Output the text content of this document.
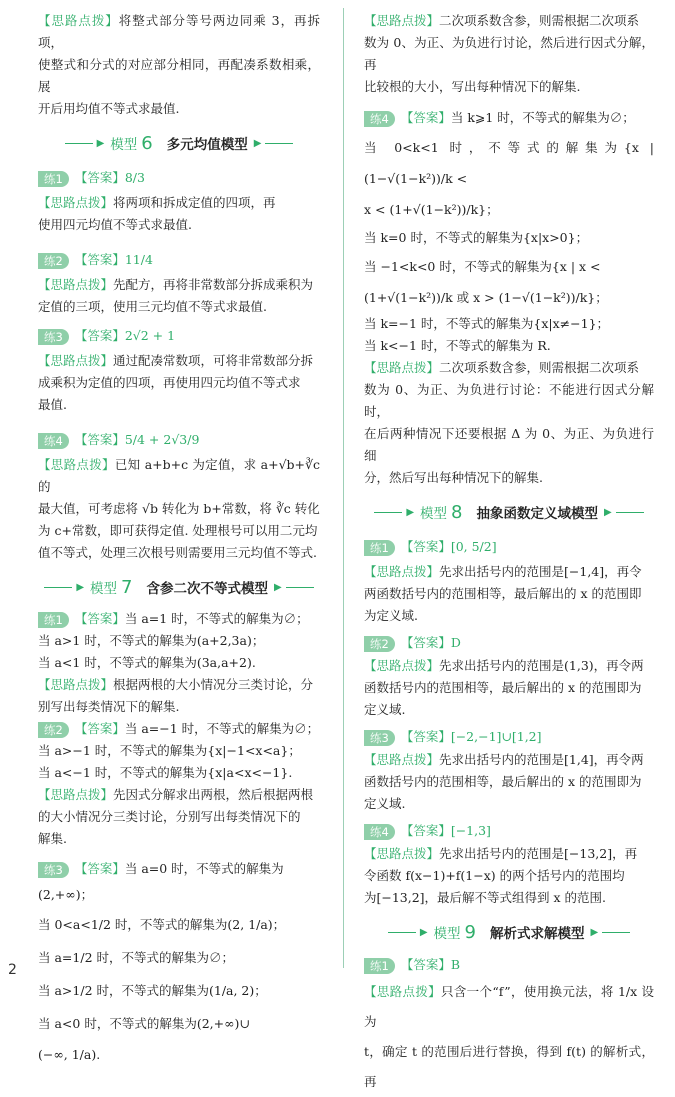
【思路点拨】将整式部分等号两边同乘 3，再拆项，

使整式和分式的对应部分相同，再配凑系数相乘，展

开后用均值不等式求最值.

▶ 模型 6 多元均值模型 ▶

练1 【答案】8/3

【思路点拨】将两项和拆成定值的四项，再

使用四元均值不等式求最值.

练2 【答案】11/4

【思路点拨】先配方，再将非常数部分拆成乘积为

定值的三项，使用三元均值不等式求最值.

练3 【答案】2√2 + 1

【思路点拨】通过配凑常数项，可将非常数部分拆

成乘积为定值的四项，再使用四元均值不等式求

最值.

练4 【答案】5/4 + 2√3/9

【思路点拨】已知 a+b+c 为定值，求 a+√b+∛c 的

最大值，可考虑将 √b 转化为 b+常数，将 ∛c 转化

为 c+常数，即可获得定值. 处理根号可以用二元均

值不等式，处理三次根号则需要用三元均值不等式.

▶ 模型 7 含参二次不等式模型 ▶

练1 【答案】当 a=1 时，不等式的解集为∅；

当 a>1 时，不等式的解集为(a+2,3a)；

当 a<1 时，不等式的解集为(3a,a+2).

【思路点拨】根据两根的大小情况分三类讨论，分

别写出每类情况下的解集.

练2 【答案】当 a=−1 时，不等式的解集为∅；

当 a>−1 时，不等式的解集为{x|−1<x<a}；

当 a<−1 时，不等式的解集为{x|a<x<−1}.

【思路点拨】先因式分解求出两根，然后根据两根

的大小情况分三类讨论，分别写出每类情况下的

解集.

练3 【答案】当 a=0 时，不等式的解集为(2,+∞)；

当 0<a<1/2 时，不等式的解集为(2, 1/a)；

当 a=1/2 时，不等式的解集为∅；

当 a>1/2 时，不等式的解集为(1/a, 2)；

当 a<0 时，不等式的解集为(2,+∞)∪

(−∞, 1/a).

【思路点拨】二次项系数含参，则需根据二次项系

数为 0、为正、为负进行讨论，然后进行因式分解，再

比较根的大小，写出每种情况下的解集.

练4 【答案】当 k⩾1 时，不等式的解集为∅；

当 0<k<1 时，不等式的解集为{x | (1−√(1−k²))/k <

x < (1+√(1−k²))/k}；

当 k=0 时，不等式的解集为{x|x>0}；

当 −1<k<0 时，不等式的解集为{x | x <

(1+√(1−k²))/k 或 x > (1−√(1−k²))/k}；

当 k=−1 时，不等式的解集为{x|x≠−1}；

当 k<−1 时，不等式的解集为 R.

【思路点拨】二次项系数含参，则需根据二次项系

数为 0、为正、为负进行讨论：不能进行因式分解时，

在后两种情况下还要根据 Δ 为 0、为正、为负进行细

分，然后写出每种情况下的解集.

▶ 模型 8 抽象函数定义域模型 ▶

练1 【答案】[0, 5/2]

【思路点拨】先求出括号内的范围是[−1,4]，再令

两函数括号内的范围相等，最后解出的 x 的范围即

为定义域.

练2 【答案】D

【思路点拨】先求出括号内的范围是(1,3)，再令两

函数括号内的范围相等，最后解出的 x 的范围即为

定义域.

练3 【答案】[−2,−1]∪[1,2]

【思路点拨】先求出括号内的范围是[1,4]，再令两

函数括号内的范围相等，最后解出的 x 的范围即为

定义域.

练4 【答案】[−1,3]

【思路点拨】先求出括号内的范围是[−13,2]，再

令函数 f(x−1)+f(1−x) 的两个括号内的范围均

为[−13,2]，最后解不等式组得到 x 的范围.

▶ 模型 9 解析式求解模型 ▶

练1 【答案】B

【思路点拨】只含一个“f”，使用换元法，将 1/x 设为

t，确定 t 的范围后进行替换，得到 f(t) 的解析式，再

2
